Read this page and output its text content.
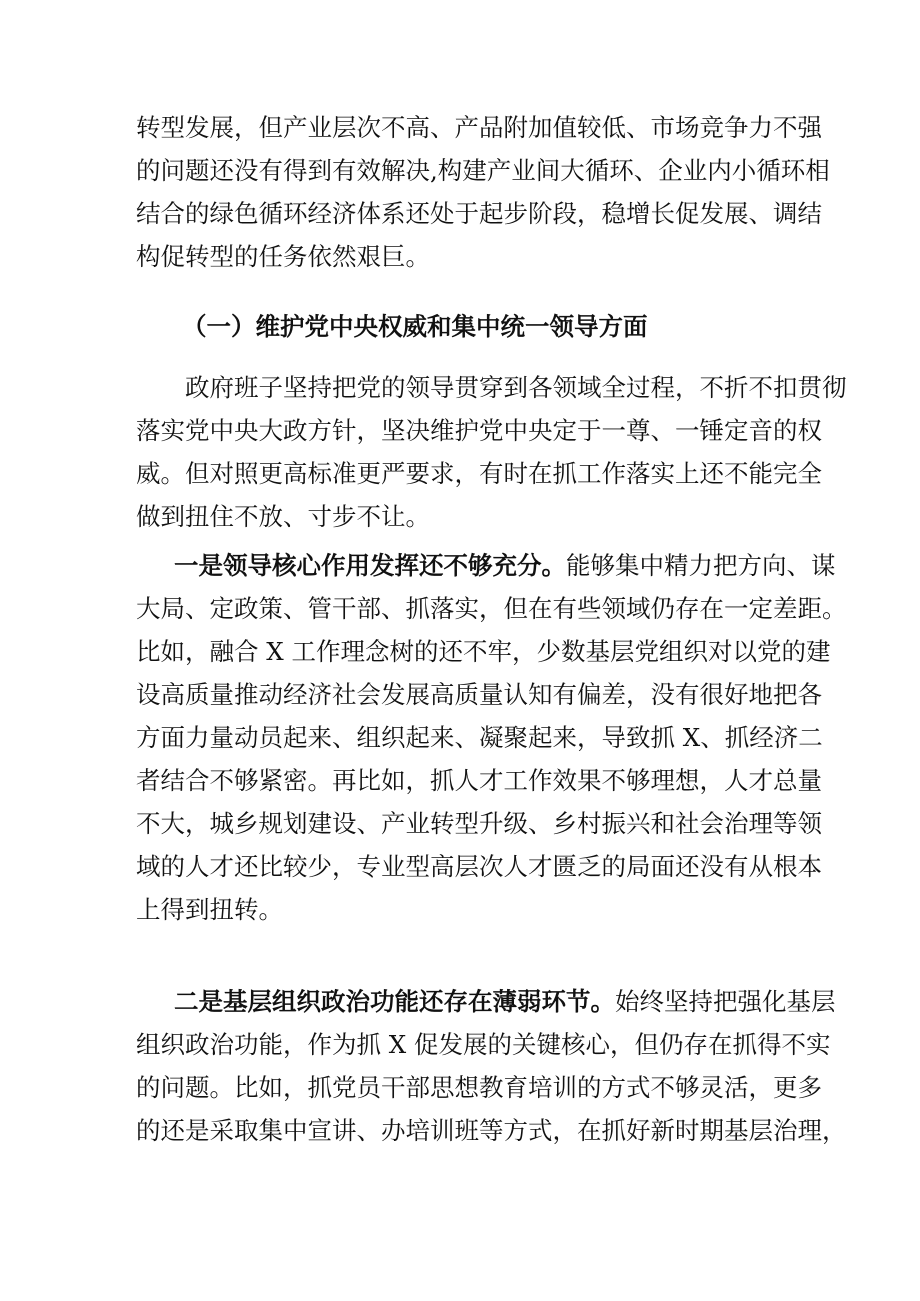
转型发展，但产业层次不高、产品附加值较低、市场竞争力不强
的问题还没有得到有效解决,构建产业间大循环、企业内小循环相
结合的绿色循环经济体系还处于起步阶段，稳增长促发展、调结
构促转型的任务依然艰巨。
（一）维护党中央权威和集中统一领导方面
政府班子坚持把党的领导贯穿到各领域全过程，不折不扣贯彻
落实党中央大政方针，坚决维护党中央定于一尊、一锤定音的权
威。但对照更高标准更严要求，有时在抓工作落实上还不能完全
做到扭住不放、寸步不让。
一是领导核心作用发挥还不够充分。能够集中精力把方向、谋
大局、定政策、管干部、抓落实，但在有些领域仍存在一定差距。
比如，融合 X 工作理念树的还不牢，少数基层党组织对以党的建
设高质量推动经济社会发展高质量认知有偏差，没有很好地把各
方面力量动员起来、组织起来、凝聚起来，导致抓 X、抓经济二
者结合不够紧密。再比如，抓人才工作效果不够理想，人才总量
不大，城乡规划建设、产业转型升级、乡村振兴和社会治理等领
域的人才还比较少，专业型高层次人才匮乏的局面还没有从根本
上得到扭转。
二是基层组织政治功能还存在薄弱环节。始终坚持把强化基层
组织政治功能，作为抓 X 促发展的关键核心，但仍存在抓得不实
的问题。比如，抓党员干部思想教育培训的方式不够灵活，更多
的还是采取集中宣讲、办培训班等方式，在抓好新时期基层治理，
